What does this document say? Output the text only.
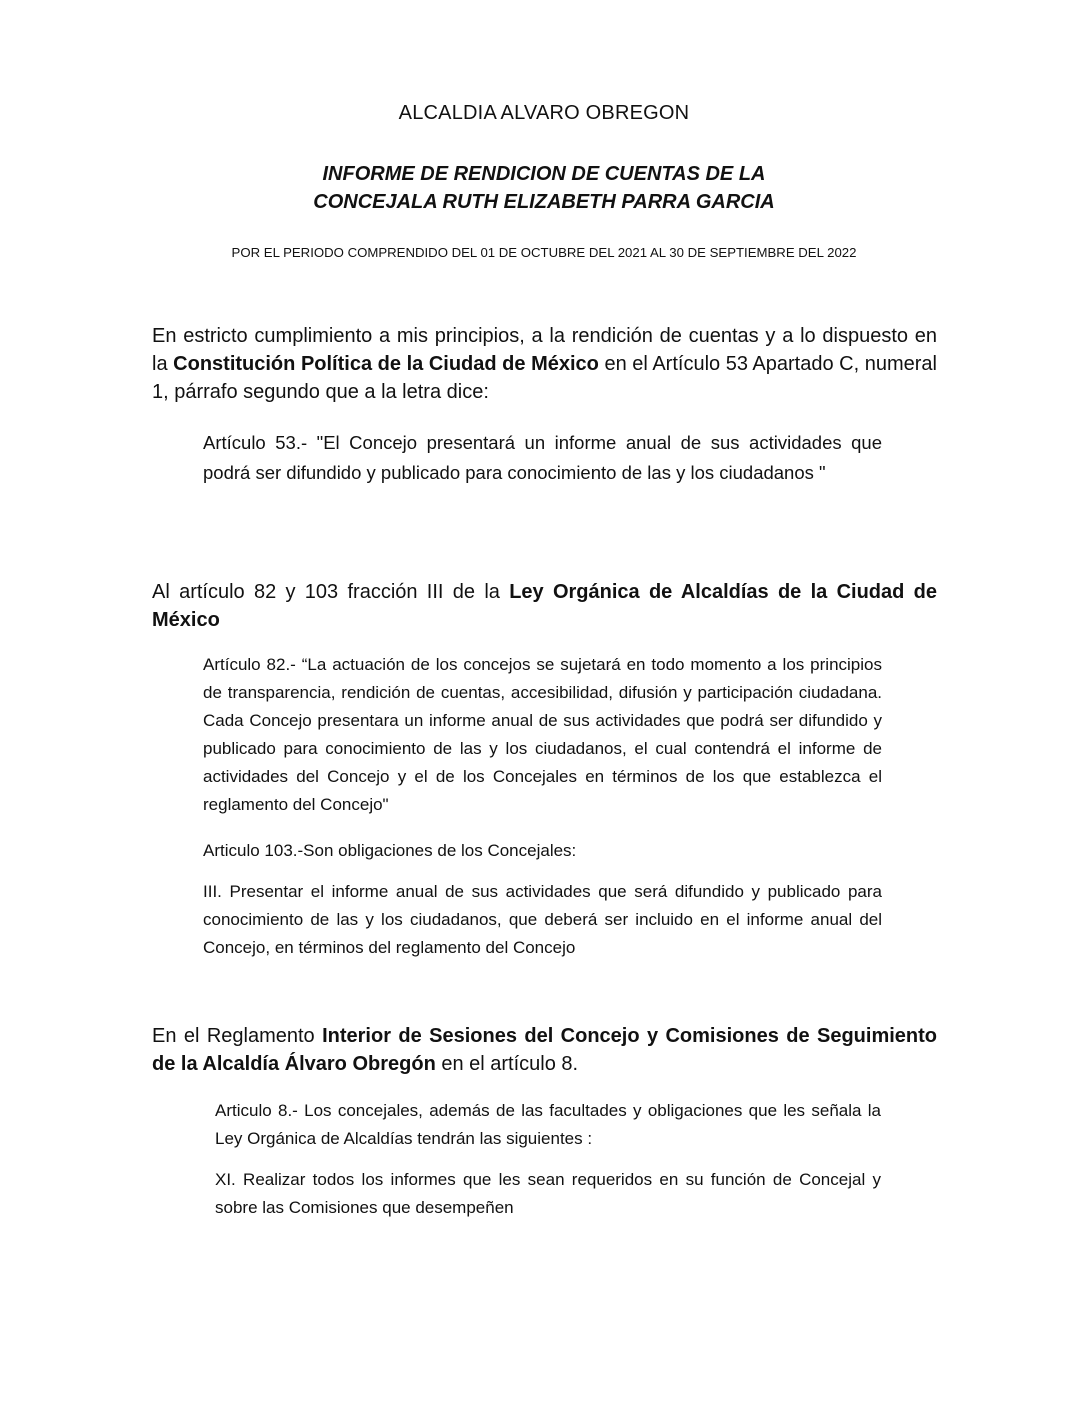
ALCALDIA ALVARO OBREGON
INFORME DE RENDICION DE CUENTAS DE LA
CONCEJALA RUTH ELIZABETH PARRA GARCIA
POR EL PERIODO COMPRENDIDO DEL 01 DE OCTUBRE DEL 2021 AL 30 DE SEPTIEMBRE DEL 2022

En estricto cumplimiento a mis principios, a la rendición de cuentas y a lo dispuesto en la Constitución Política de la Ciudad de México en el Artículo 53 Apartado C, numeral 1, párrafo segundo que a la letra dice:

Artículo 53.- "El Concejo presentará un informe anual de sus actividades que podrá ser difundido y publicado para conocimiento de las y los ciudadanos "

Al artículo 82 y 103 fracción III de la Ley Orgánica de Alcaldías de la Ciudad de México

Artículo 82.- “La actuación de los concejos se sujetará en todo momento a los principios de transparencia, rendición de cuentas, accesibilidad, difusión y participación ciudadana. Cada Concejo presentara un informe anual de sus actividades que podrá ser difundido y publicado para conocimiento de las y los ciudadanos, el cual contendrá el informe de actividades del Concejo y el de los Concejales en términos de los que establezca el reglamento del Concejo"

Articulo 103.-Son obligaciones de los Concejales:

III. Presentar el informe anual de sus actividades que será difundido y publicado para conocimiento de las y los ciudadanos, que deberá ser incluido en el informe anual del Concejo, en términos del reglamento del Concejo

En el Reglamento Interior de Sesiones del Concejo y Comisiones de Seguimiento de la Alcaldía Álvaro Obregón en el artículo 8.

Articulo 8.- Los concejales, además de las facultades y obligaciones que les señala la Ley Orgánica de Alcaldías tendrán las siguientes :

XI. Realizar todos los informes que les sean requeridos en su función de Concejal y sobre las Comisiones que desempeñen
